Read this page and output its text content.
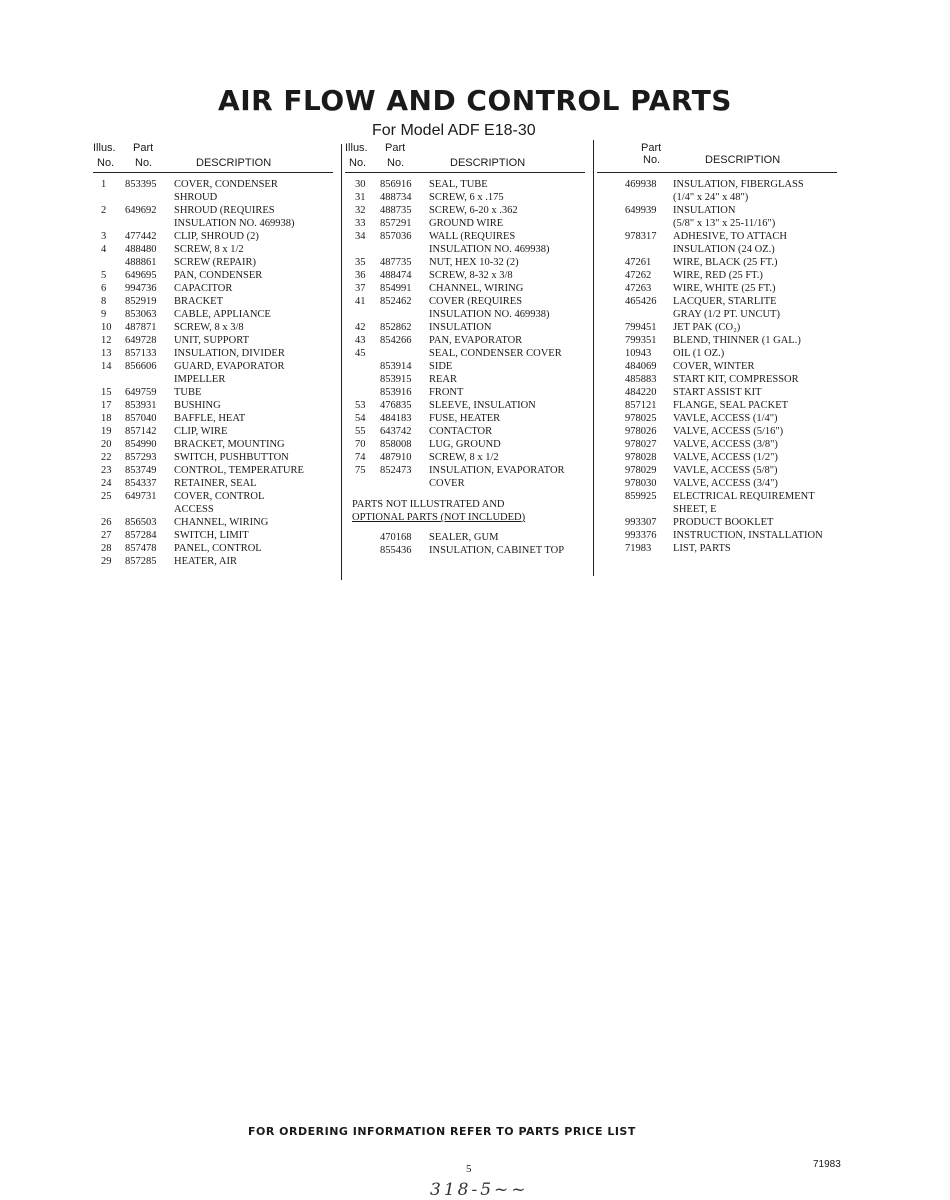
AIR FLOW AND CONTROL PARTS
For Model ADF E18-30
Illus.
No.
Part
No.	DESCRIPTION
1 853395 COVER, CONDENSER
SHROUD
2 649692 SHROUD (REQUIRES
INSULATION NO. 469938)
3 477442 CLIP, SHROUD (2)
4 488480 SCREW, 8 x 1/2
488861 SCREW (REPAIR)
5 649695 PAN, CONDENSER
6 994736 CAPACITOR
8 852919 BRACKET
9 853063 CABLE, APPLIANCE
10 487871 SCREW, 8 x 3/8
12 649728 UNIT, SUPPORT
13 857133 INSULATION, DIVIDER
14 856606 GUARD, EVAPORATOR
IMPELLER
15 649759 TUBE
17 853931 BUSHING
18 857040 BAFFLE, HEAT
19 857142 CLIP, WIRE
20 854990 BRACKET, MOUNTING
22 857293 SWITCH, PUSHBUTTON
23 853749 CONTROL, TEMPERATURE
24 854337 RETAINER, SEAL
25 649731 COVER, CONTROL
ACCESS
26 856503 CHANNEL, WIRING
27 857284 SWITCH, LIMIT
28 857478 PANEL, CONTROL
29 857285 HEATER, AIR
Illus.
No.
Part
No.	DESCRIPTION
30 856916 SEAL, TUBE
31 488734 SCREW, 6 x .175
32 488735 SCREW, 6-20 x .362
33 857291 GROUND WIRE
34 857036 WALL (REQUIRES
INSULATION NO. 469938)
35 487735 NUT, HEX 10-32 (2)
36 488474 SCREW, 8-32 x 3/8
37 854991 CHANNEL, WIRING
41 852462 COVER (REQUIRES
INSULATION NO. 469938)
42 852862 INSULATION
43 854266 PAN, EVAPORATOR
45	SEAL, CONDENSER COVER
853914 SIDE
853915 REAR
853916 FRONT
53 476835 SLEEVE, INSULATION
54 484183 FUSE, HEATER
55 643742 CONTACTOR
70 858008 LUG, GROUND
74 487910 SCREW, 8 x 1/2
75 852473 INSULATION, EVAPORATOR
COVER
PARTS NOT ILLUSTRATED AND
OPTIONAL PARTS (NOT INCLUDED)
470168 SEALER, GUM
855436 INSULATION, CABINET TOP
Part
No.	DESCRIPTION
469938 INSULATION, FIBERGLASS
(1/4" x 24" x 48")
649939 INSULATION
(5/8" x 13" x 25-11/16")
978317 ADHESIVE, TO ATTACH
INSULATION (24 OZ.)
47261 WIRE, BLACK (25 FT.)
47262 WIRE, RED (25 FT.)
47263 WIRE, WHITE (25 FT.)
465426 LACQUER, STARLITE
GRAY (1/2 PT. UNCUT)
799451 JET PAK (CO₂)
799351 BLEND, THINNER (1 GAL.)
10943 OIL (1 OZ.)
484069 COVER, WINTER
485883 START KIT, COMPRESSOR
484220 START ASSIST KIT
857121 FLANGE, SEAL PACKET
978025 VAVLE, ACCESS (1/4")
978026 VALVE, ACCESS (5/16")
978027 VALVE, ACCESS (3/8")
978028 VALVE, ACCESS (1/2")
978029 VAVLE, ACCESS (5/8")
978030 VALVE, ACCESS (3/4")
859925 ELECTRICAL REQUIREMENT
SHEET, E
993307 PRODUCT BOOKLET
993376 INSTRUCTION, INSTALLATION
71983 LIST, PARTS
FOR ORDERING INFORMATION REFER TO PARTS PRICE LIST
5	71983
318-5~~
